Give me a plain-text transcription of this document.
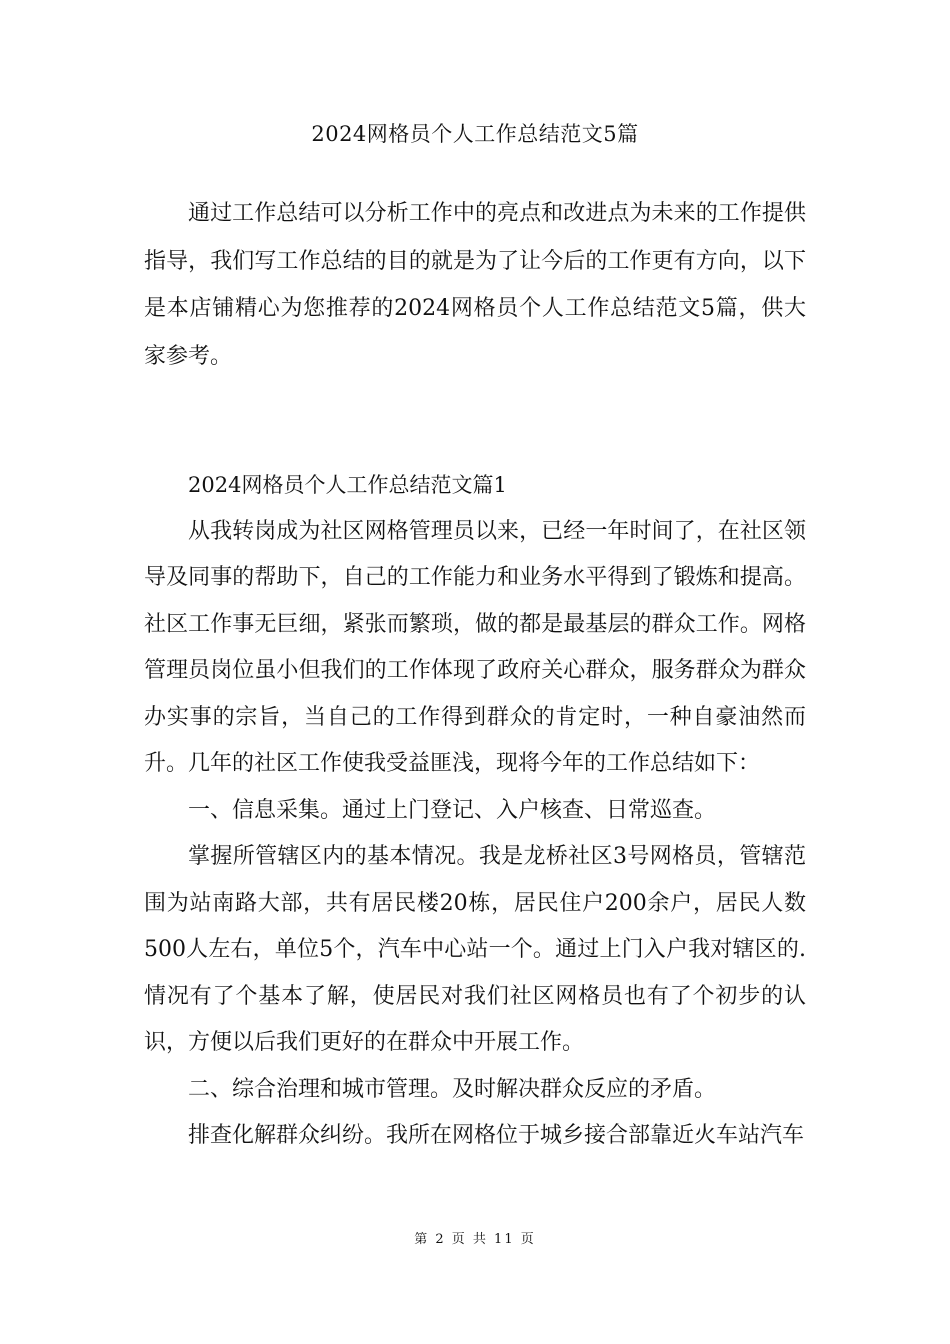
2024网格员个人工作总结范文5篇

通过工作总结可以分析工作中的亮点和改进点为未来的工作提供指导，我们写工作总结的目的就是为了让今后的工作更有方向，以下是本店铺精心为您推荐的2024网格员个人工作总结范文5篇，供大家参考。

2024网格员个人工作总结范文篇1

从我转岗成为社区网格管理员以来，已经一年时间了，在社区领导及同事的帮助下，自己的工作能力和业务水平得到了锻炼和提高。社区工作事无巨细，紧张而繁琐，做的都是最基层的群众工作。网格管理员岗位虽小但我们的工作体现了政府关心群众，服务群众为群众办实事的宗旨，当自己的工作得到群众的肯定时，一种自豪油然而升。几年的社区工作使我受益匪浅，现将今年的工作总结如下：

一、信息采集。通过上门登记、入户核查、日常巡查。

掌握所管辖区内的基本情况。我是龙桥社区3号网格员，管辖范围为站南路大部，共有居民楼20栋，居民住户200余户，居民人数500人左右，单位5个，汽车中心站一个。通过上门入户我对辖区的.情况有了个基本了解，使居民对我们社区网格员也有了个初步的认识，方便以后我们更好的在群众中开展工作。

二、综合治理和城市管理。及时解决群众反应的矛盾。

排查化解群众纠纷。我所在网格位于城乡接合部靠近火车站汽车

第 2 页 共 11 页
